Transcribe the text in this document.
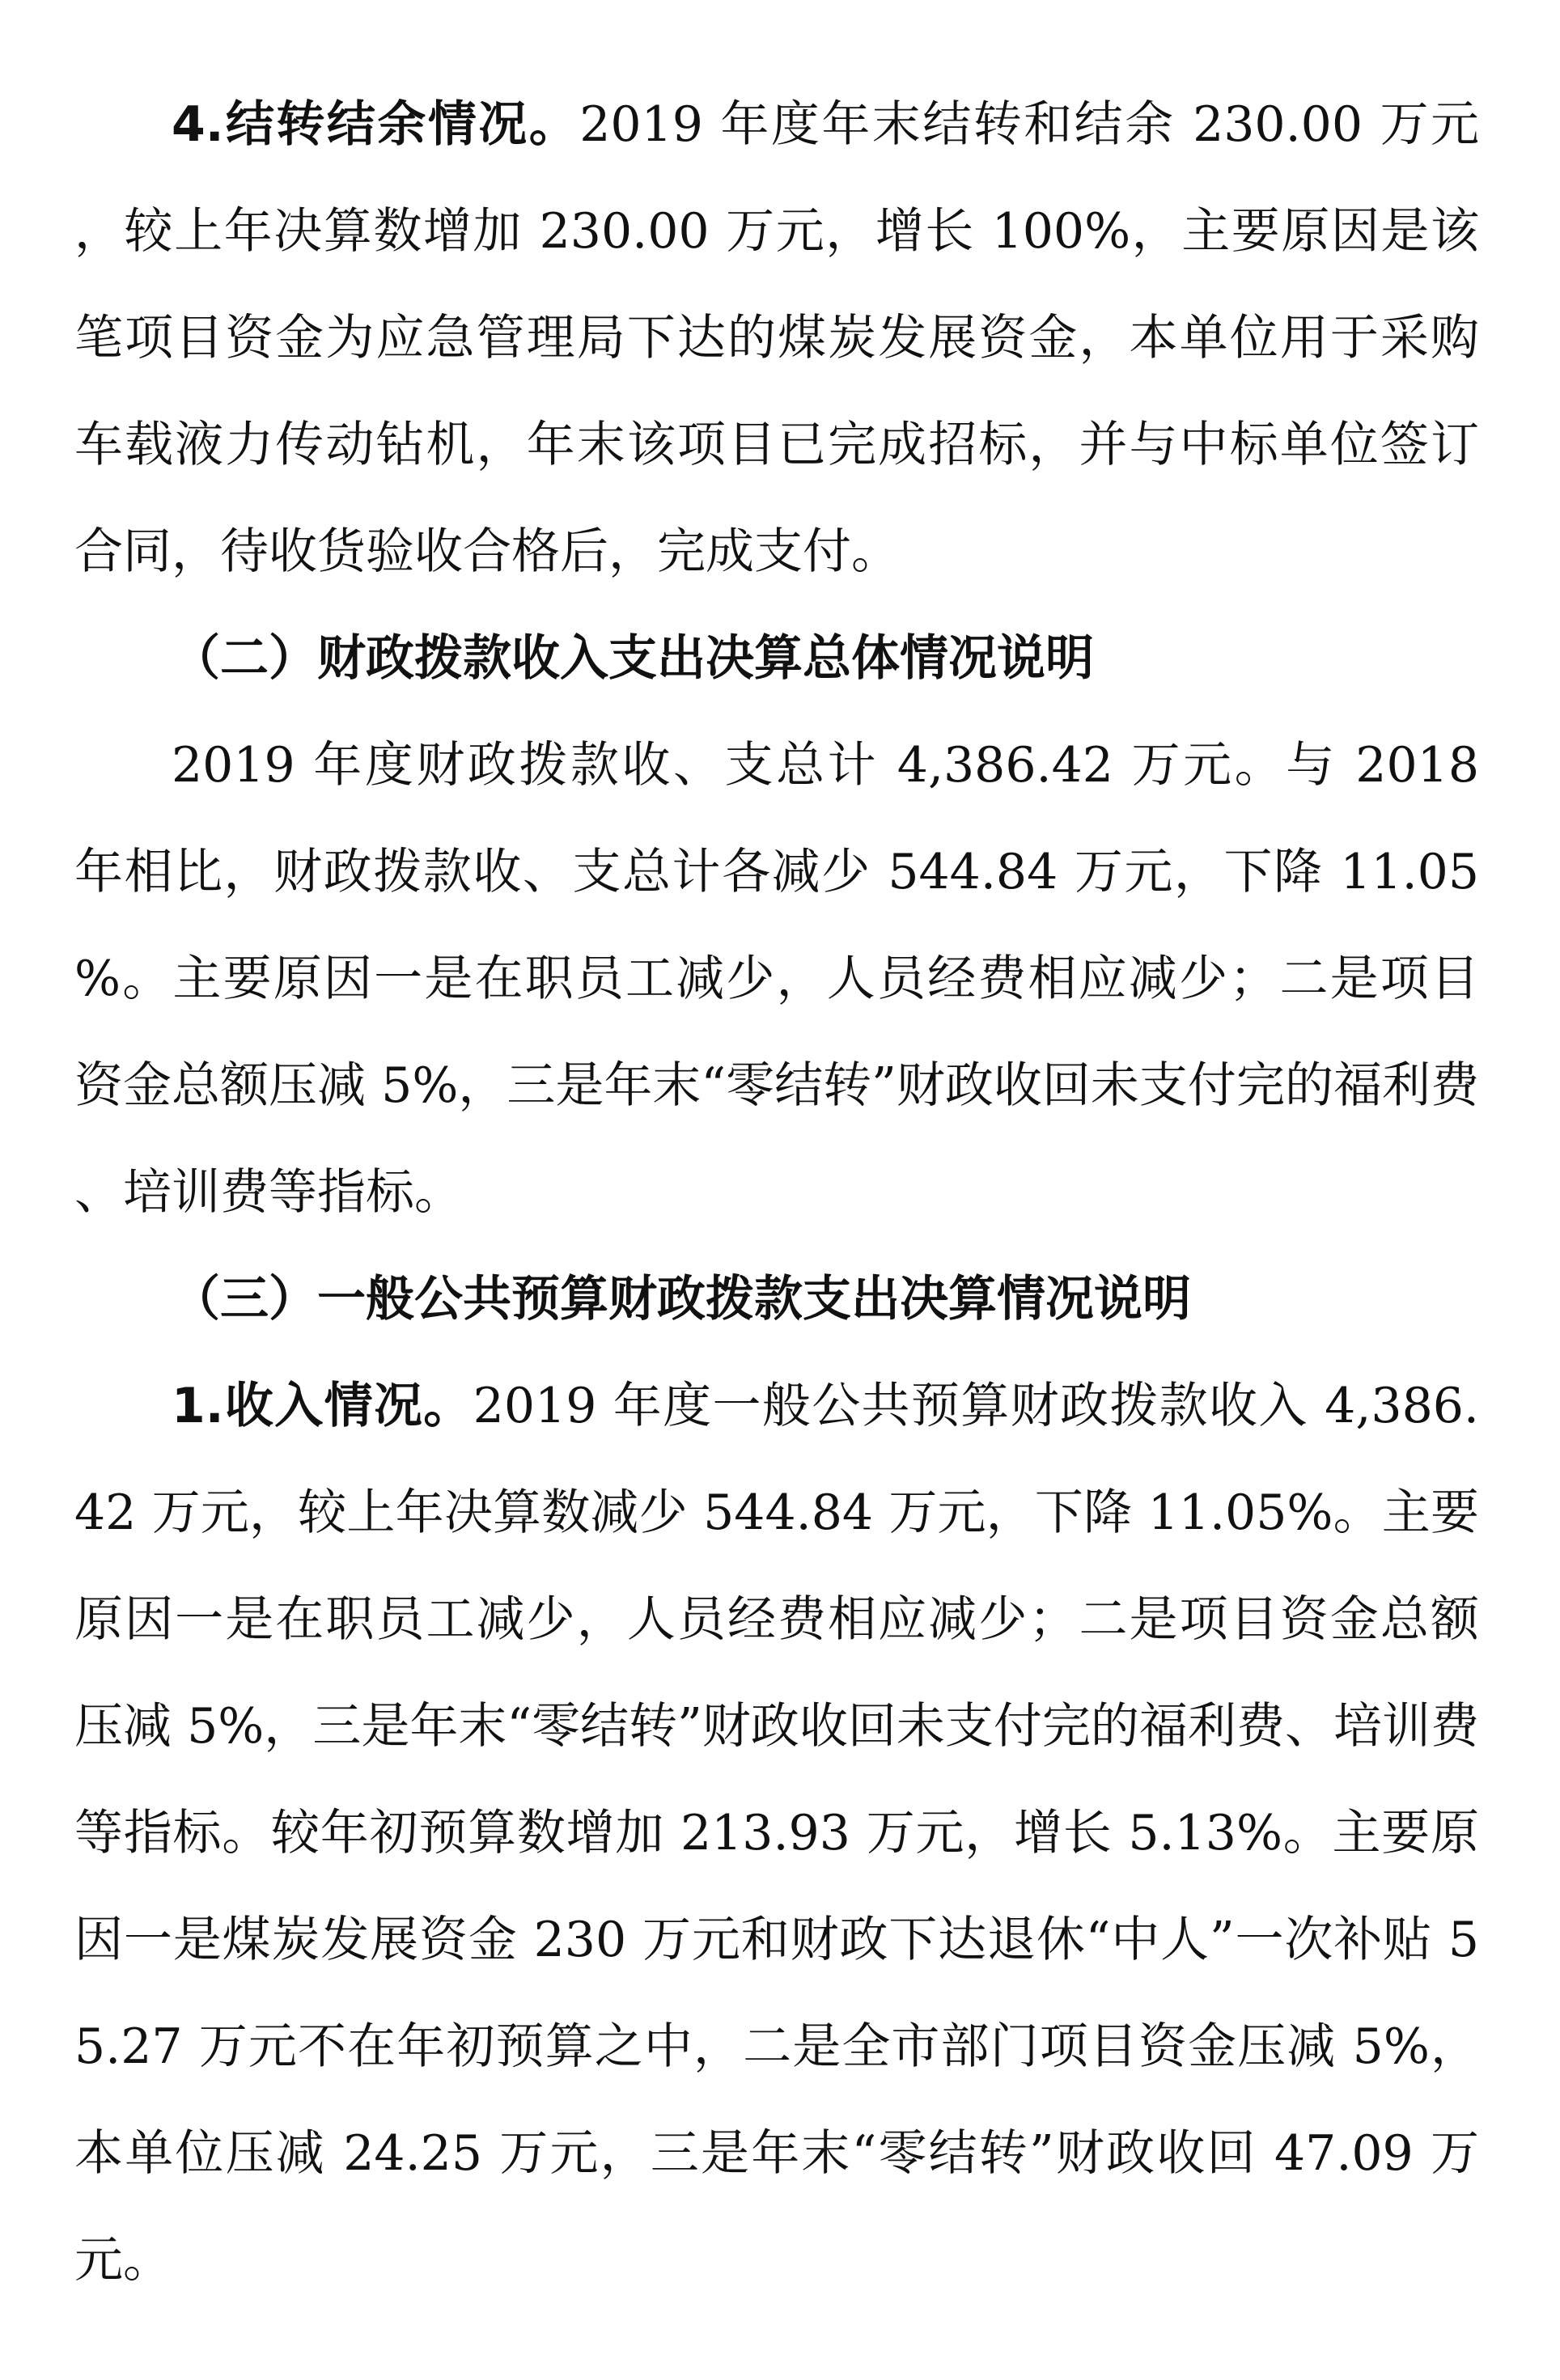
4.结转结余情况。2019 年度年末结转和结余 230.00 万元，较上年决算数增加 230.00 万元，增长 100%，主要原因是该笔项目资金为应急管理局下达的煤炭发展资金，本单位用于采购车载液力传动钻机，年末该项目已完成招标，并与中标单位签订合同，待收货验收合格后，完成支付。

（二）财政拨款收入支出决算总体情况说明

2019 年度财政拨款收、支总计 4,386.42 万元。与 2018 年相比，财政拨款收、支总计各减少 544.84 万元，下降 11.05%。主要原因一是在职员工减少，人员经费相应减少；二是项目资金总额压减 5%，三是年末“零结转”财政收回未支付完的福利费、培训费等指标。

（三）一般公共预算财政拨款支出决算情况说明

1.收入情况。2019 年度一般公共预算财政拨款收入 4,386.42 万元，较上年决算数减少 544.84 万元，下降 11.05%。主要原因一是在职员工减少，人员经费相应减少；二是项目资金总额压减 5%，三是年末“零结转”财政收回未支付完的福利费、培训费等指标。较年初预算数增加 213.93 万元，增长 5.13%。主要原因一是煤炭发展资金 230 万元和财政下达退休“中人”一次补贴 55.27 万元不在年初预算之中，二是全市部门项目资金压减 5%，本单位压减 24.25 万元，三是年末“零结转”财政收回 47.09 万元。
